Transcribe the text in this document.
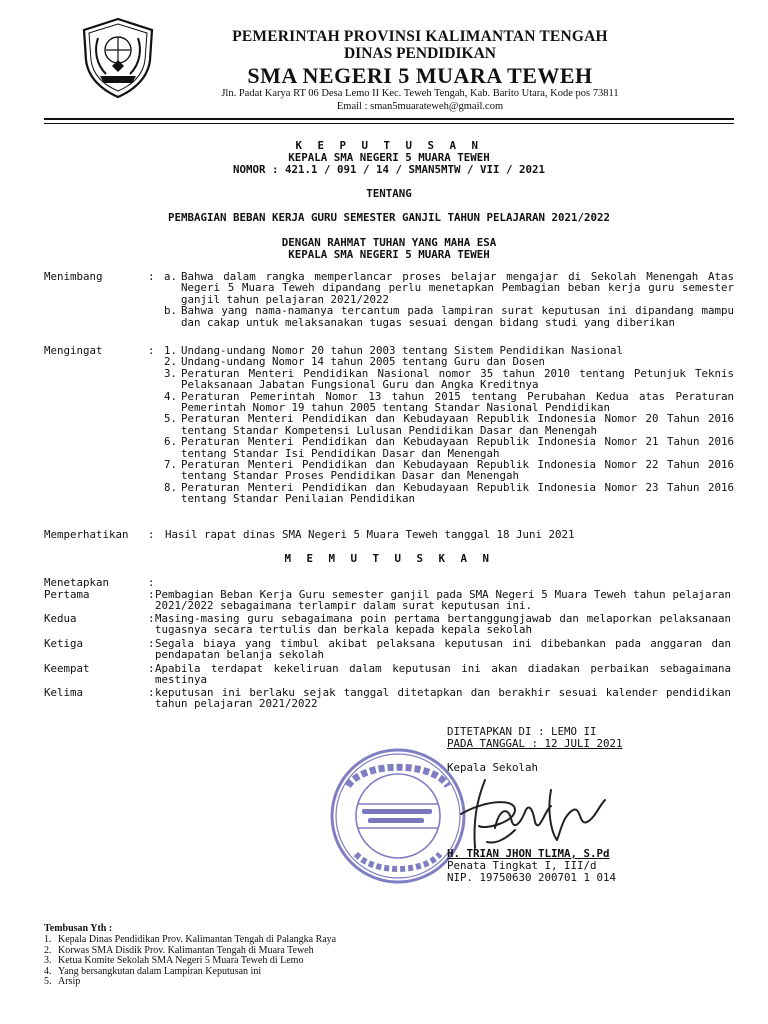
PEMERINTAH PROVINSI KALIMANTAN TENGAH
DINAS PENDIDIKAN
SMA NEGERI 5 MUARA TEWEH
Jln. Padat Karya RT 06 Desa Lemo II Kec. Teweh Tengah, Kab. Barito Utara, Kode pos 73811
Email : sman5muarateweh@gmail.com
K E P U T U S A N
KEPALA SMA NEGERI 5 MUARA TEWEH
NOMOR : 421.1 / 091 / 14 / SMAN5MTW / VII / 2021
TENTANG
PEMBAGIAN BEBAN KERJA GURU SEMESTER GANJIL TAHUN PELAJARAN 2021/2022
DENGAN RAHMAT TUHAN YANG MAHA ESA
KEPALA SMA NEGERI 5 MUARA TEWEH
Menimbang	: a. Bahwa dalam rangka memperlancar proses belajar mengajar di Sekolah Menengah Atas Negeri 5 Muara Teweh dipandang perlu menetapkan Pembagian beban kerja guru semester ganjil tahun pelajaran 2021/2022
b. Bahwa yang nama-namanya tercantum pada lampiran surat keputusan ini dipandang mampu dan cakap untuk melaksanakan tugas sesuai dengan bidang studi yang diberikan
Mengingat	: 1. Undang-undang Nomor 20 tahun 2003 tentang Sistem Pendidikan Nasional
2. Undang-undang Nomor 14 tahun 2005 tentang Guru dan Dosen
3. Peraturan Menteri Pendidikan Nasional nomor 35 tahun 2010 tentang Petunjuk Teknis Pelaksanaan Jabatan Fungsional Guru dan Angka Kreditnya
4. Peraturan Pemerintah Nomor 13 tahun 2015 tentang Perubahan Kedua atas Peraturan Pemerintah Nomor 19 tahun 2005 tentang Standar Nasional Pendidikan
5. Peraturan Menteri Pendidikan dan Kebudayaan Republik Indonesia Nomor 20 Tahun 2016 tentang Standar Kompetensi Lulusan Pendidikan Dasar dan Menengah
6. Peraturan Menteri Pendidikan dan Kebudayaan Republik Indonesia Nomor 21 Tahun 2016 tentang Standar Isi Pendidikan Dasar dan Menengah
7. Peraturan Menteri Pendidikan dan Kebudayaan Republik Indonesia Nomor 22 Tahun 2016 tentang Standar Proses Pendidikan Dasar dan Menengah
8. Peraturan Menteri Pendidikan dan Kebudayaan Republik Indonesia Nomor 23 Tahun 2016 tentang Standar Penilaian Pendidikan
Memperhatikan	: Hasil rapat dinas SMA Negeri 5 Muara Teweh tanggal 18 Juni 2021
M E M U T U S K A N
Menetapkan	:
Pertama	: Pembagian Beban Kerja Guru semester ganjil pada SMA Negeri 5 Muara Teweh tahun pelajaran 2021/2022 sebagaimana terlampir dalam surat keputusan ini.
Kedua	: Masing-masing guru sebagaimana poin pertama bertanggungjawab dan melaporkan pelaksanaan tugasnya secara tertulis dan berkala kepada kepala sekolah
Ketiga	: Segala biaya yang timbul akibat pelaksana keputusan ini dibebankan pada anggaran dan pendapatan belanja sekolah
Keempat	: Apabila terdapat kekeliruan dalam keputusan ini akan diadakan perbaikan sebagaimana mestinya
Kelima	: keputusan ini berlaku sejak tanggal ditetapkan dan berakhir sesuai kalender pendidikan tahun pelajaran 2021/2022
DITETAPKAN DI : LEMO II
PADA TANGGAL : 12 JULI 2021
Kepala Sekolah
H. TRIAN JHON TLIMA, S.Pd
Penata Tingkat I, III/d
NIP. 19750630 200701 1 014
Tembusan Yth :
1. Kepala Dinas Pendidikan Prov. Kalimantan Tengah di Palangka Raya
2. Korwas SMA Disdik Prov. Kalimantan Tengah di Muara Teweh
3. Ketua Komite Sekolah SMA Negeri 5 Muara Teweh di Lemo
4. Yang bersangkutan dalam Lampiran Keputusan ini
5. Arsip
